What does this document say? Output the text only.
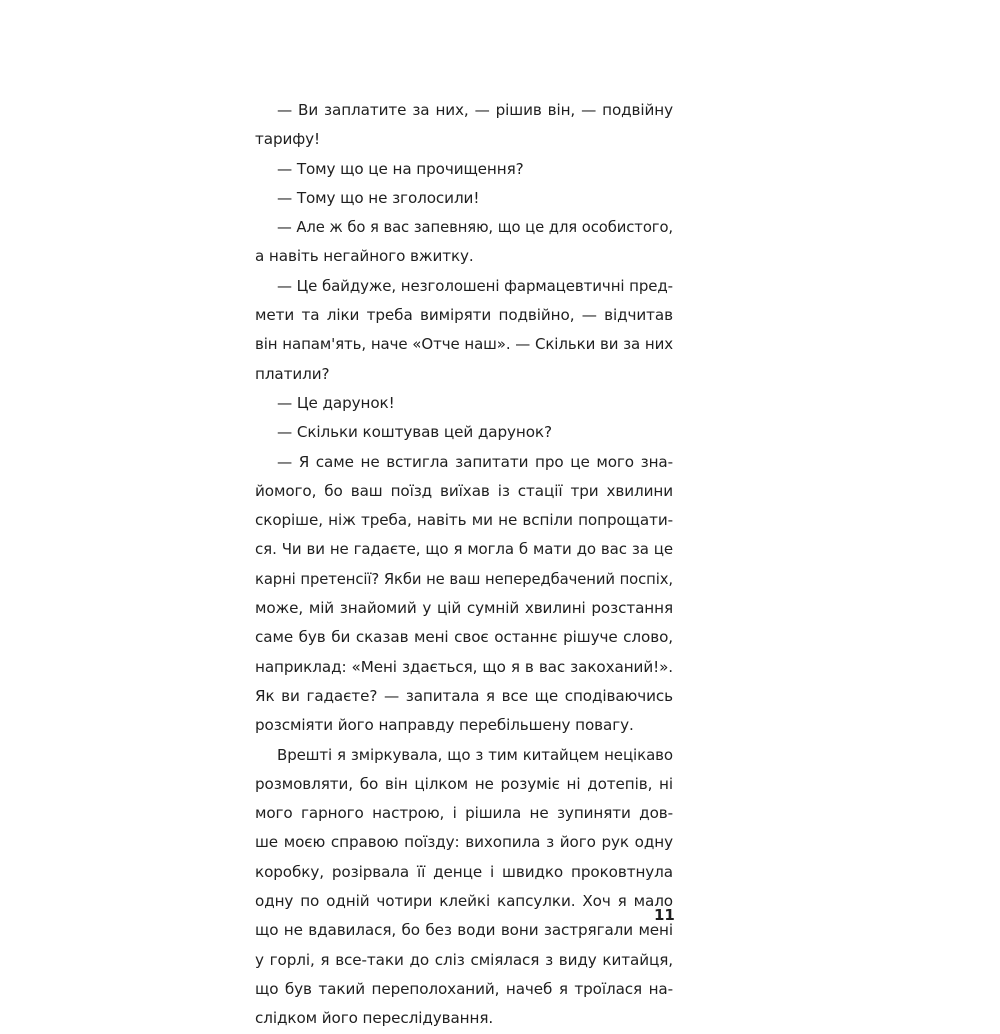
— Ви заплатите за них, — рішив він, — подвійну
тарифу!
— Тому що це на прочищення?
— Тому що не зголосили!
— Але ж бо я вас запевняю, що це для особистого,
а навіть негайного вжитку.
— Це байдуже, незголошені фармацевтичні пред-
мети та ліки треба виміряти подвійно, — відчитав
він напам'ять, наче «Отче наш». — Скільки ви за них
платили?
— Це дарунок!
— Скільки коштував цей дарунок?
— Я саме не встигла запитати про це мого зна-
йомого, бо ваш поїзд виїхав із стації три хвилини
скоріше, ніж треба, навіть ми не вспіли попрощати-
ся. Чи ви не гадаєте, що я могла б мати до вас за це
карні претенсії? Якби не ваш непередбачений поспіх,
може, мій знайомий у цій сумній хвилині розстання
саме був би сказав мені своє останнє рішуче слово,
наприклад: «Мені здається, що я в вас закоханий!».
Як ви гадаєте? — запитала я все ще сподіваючись
розсміяти його направду перебільшену повагу.
Врешті я зміркувала, що з тим китайцем нецікаво
розмовляти, бо він цілком не розуміє ні дотепів, ні
мого гарного настрою, і рішила не зупиняти дов-
ше моєю справою поїзду: вихопила з його рук одну
коробку, розірвала її денце і швидко проковтнула
одну по одній чотири клейкі капсулки. Хоч я мало
що не вдавилася, бо без води вони застрягали мені
у горлі, я все-таки до сліз сміялася з виду китайця,
що був такий переполоханий, начеб я троїлася на-
слідком його переслідування.
11
